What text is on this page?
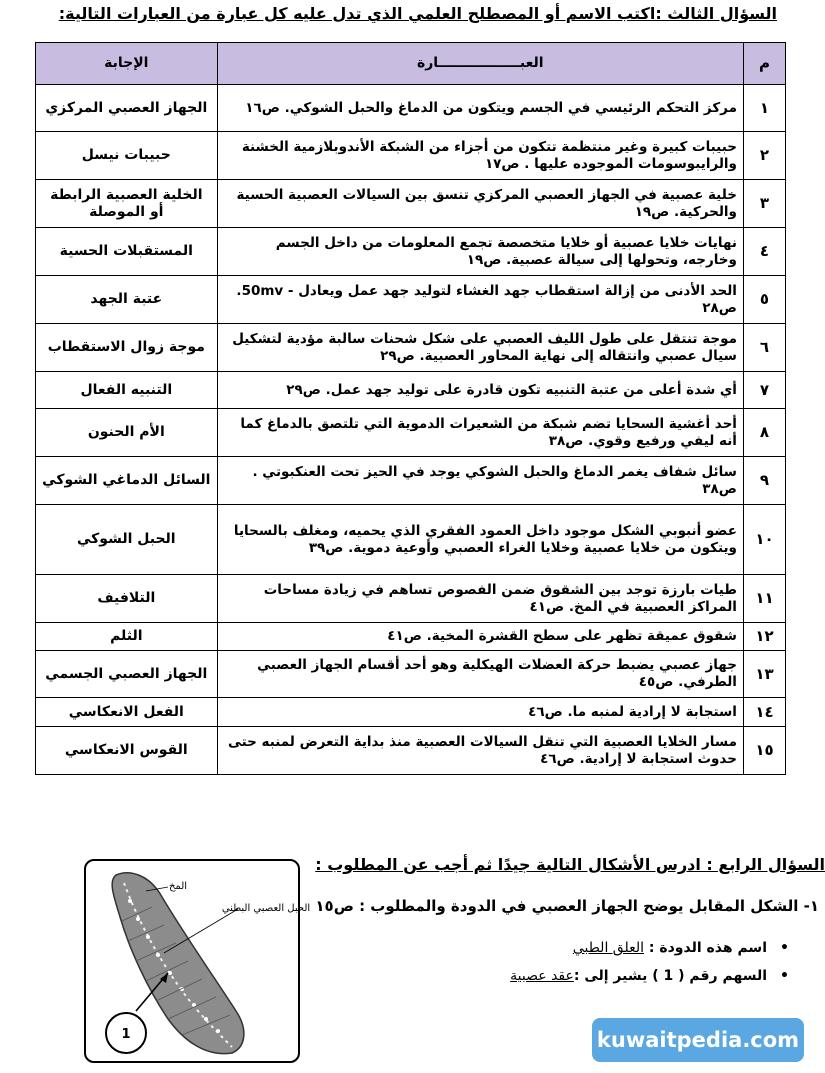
السؤال الثالث :اكتب الاسم أو المصطلح العلمي الذي تدل عليه كل عبارة من العبارات التالية:
م	العبـــــــــــــــــارة	الإجابة
١	مركز التحكم الرئيسي في الجسم ويتكون من الدماغ والحبل الشوكي. ص١٦	الجهاز العصبي المركزي
٢	حبيبات كبيرة وغير منتظمة تتكون من أجزاء من الشبكة الأندوبلازمية الخشنة والرايبوسومات الموجوده عليها . ص١٧	حبيبات نيسل
٣	خلية عصبية في الجهاز العصبي المركزي تنسق بين السيالات العصبية الحسية والحركية. ص١٩	الخلية العصبية الرابطة أو الموصلة
٤	نهايات خلايا عصبية أو خلايا متخصصة تجمع المعلومات من داخل الجسم وخارجه، وتحولها إلى سيالة عصبية. ص١٩	المستقبلات الحسية
٥	الحد الأدنى من إزالة استقطاب جهد الغشاء لتوليد جهد عمل ويعادل - 50mv. ص٢٨	عتبة الجهد
٦	موجة تنتقل على طول الليف العصبي على شكل شحنات سالبة مؤدية لتشكيل سيال عصبي وانتقاله إلى نهاية المحاور العصبية. ص٢٩	موجة زوال الاستقطاب
٧	أي شدة أعلى من عتبة التنبيه تكون قادرة على توليد جهد عمل. ص٢٩	التنبيه الفعال
٨	أحد أغشية السحايا تضم شبكة من الشعيرات الدموية التي تلتصق بالدماغ كما أنه ليفي ورفيع وقوي. ص٣٨	الأم الحنون
٩	سائل شفاف يغمر الدماغ والحبل الشوكي يوجد في الحيز تحت العنكبوتي . ص٣٨	السائل الدماغي الشوكي
١٠	عضو أنبوبي الشكل موجود داخل العمود الفقري الذي يحميه، ومغلف بالسحايا ويتكون من خلايا عصبية وخلايا الغراء العصبي وأوعية دموية. ص٣٩	الحبل الشوكي
١١	طيات بارزة توجد بين الشقوق ضمن الفصوص تساهم في زيادة مساحات المراكز العصبية في المخ. ص٤١	التلافيف
١٢	شقوق عميقة تظهر على سطح القشرة المخية. ص٤١	الثلم
١٣	جهاز عصبي يضبط حركة العضلات الهيكلية وهو أحد أقسام الجهاز العصبي الطرفي. ص٤٥	الجهاز العصبي الجسمي
١٤	استجابة لا إرادية لمنبه ما. ص٤٦	الفعل الانعكاسي
١٥	مسار الخلايا العصبية التي تنقل السيالات العصبية منذ بداية التعرض لمنبه حتى حدوث استجابة لا إرادية. ص٤٦	القوس الانعكاسي
السؤال الرابع : ادرس الأشكال التالية جيدًا ثم أجب عن المطلوب :
١- الشكل المقابل يوضح الجهاز العصبي في الدودة والمطلوب : ص١٥
• اسم هذه الدودة : العلق الطبي
• السهم رقم ( 1 ) يشير إلى :عقد عصبية
المخ
الحبل العصبي البطني
1	kuwaitpedia.com
